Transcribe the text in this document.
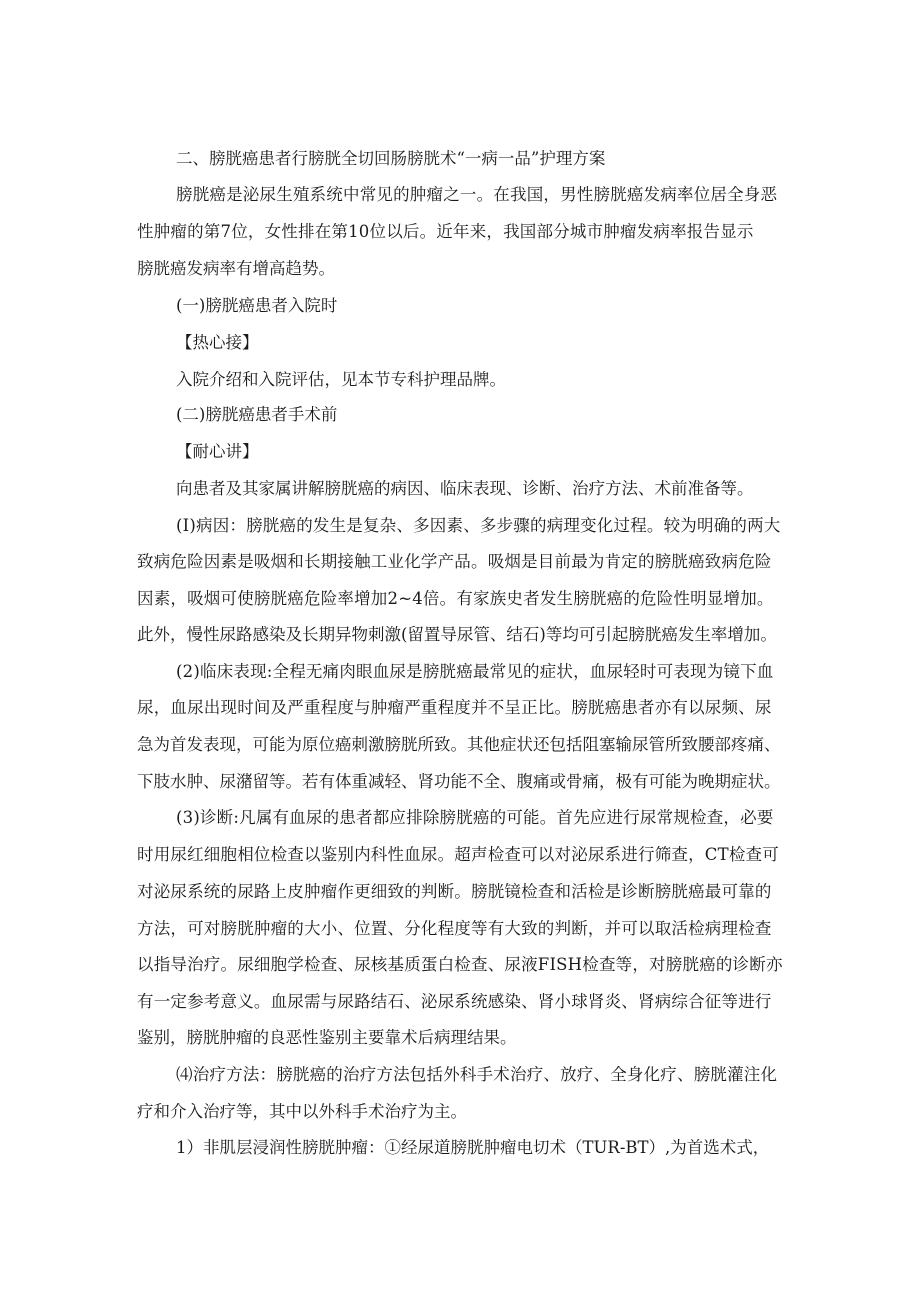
二、膀胱癌患者行膀胱全切回肠膀胱术“一病一品”护理方案
膀胱癌是泌尿生殖系统中常见的肿瘤之一。在我国，男性膀胱癌发病率位居全身恶
性肿瘤的第7位，女性排在第10位以后。近年来，我国部分城市肿瘤发病率报告显示
膀胱癌发病率有增高趋势。
(一)膀胱癌患者入院时
【热心接】
入院介绍和入院评估，见本节专科护理品牌。
(二)膀胱癌患者手术前
【耐心讲】
向患者及其家属讲解膀胱癌的病因、临床表现、诊断、治疗方法、术前准备等。
(I)病因：膀胱癌的发生是复杂、多因素、多步骤的病理变化过程。较为明确的两大
致病危险因素是吸烟和长期接触工业化学产品。吸烟是目前最为肯定的膀胱癌致病危险
因素，吸烟可使膀胱癌危险率增加2~4倍。有家族史者发生膀胱癌的危险性明显增加。
此外，慢性尿路感染及长期异物刺激(留置导尿管、结石)等均可引起膀胱癌发生率增加。
(2)临床表现:全程无痛肉眼血尿是膀胱癌最常见的症状，血尿轻时可表现为镜下血
尿，血尿出现时间及严重程度与肿瘤严重程度并不呈正比。膀胱癌患者亦有以尿频、尿
急为首发表现，可能为原位癌刺激膀胱所致。其他症状还包括阻塞输尿管所致腰部疼痛、
下肢水肿、尿潴留等。若有体重减轻、肾功能不全、腹痛或骨痛，极有可能为晚期症状。
(3)诊断:凡属有血尿的患者都应排除膀胱癌的可能。首先应进行尿常规检查，必要
时用尿红细胞相位检查以鉴别内科性血尿。超声检查可以对泌尿系进行筛查，CT检查可
对泌尿系统的尿路上皮肿瘤作更细致的判断。膀胱镜检查和活检是诊断膀胱癌最可靠的
方法，可对膀胱肿瘤的大小、位置、分化程度等有大致的判断，并可以取活检病理检查
以指导治疗。尿细胞学检查、尿核基质蛋白检查、尿液FISH检查等，对膀胱癌的诊断亦
有一定参考意义。血尿需与尿路结石、泌尿系统感染、肾小球肾炎、肾病综合征等进行
鉴别，膀胱肿瘤的良恶性鉴别主要靠术后病理结果。
⑷治疗方法：膀胱癌的治疗方法包括外科手术治疗、放疗、全身化疗、膀胱灌注化
疗和介入治疗等，其中以外科手术治疗为主。
1）非肌层浸润性膀胱肿瘤：①经尿道膀胱肿瘤电切术（TUR-BT）,为首选术式，
